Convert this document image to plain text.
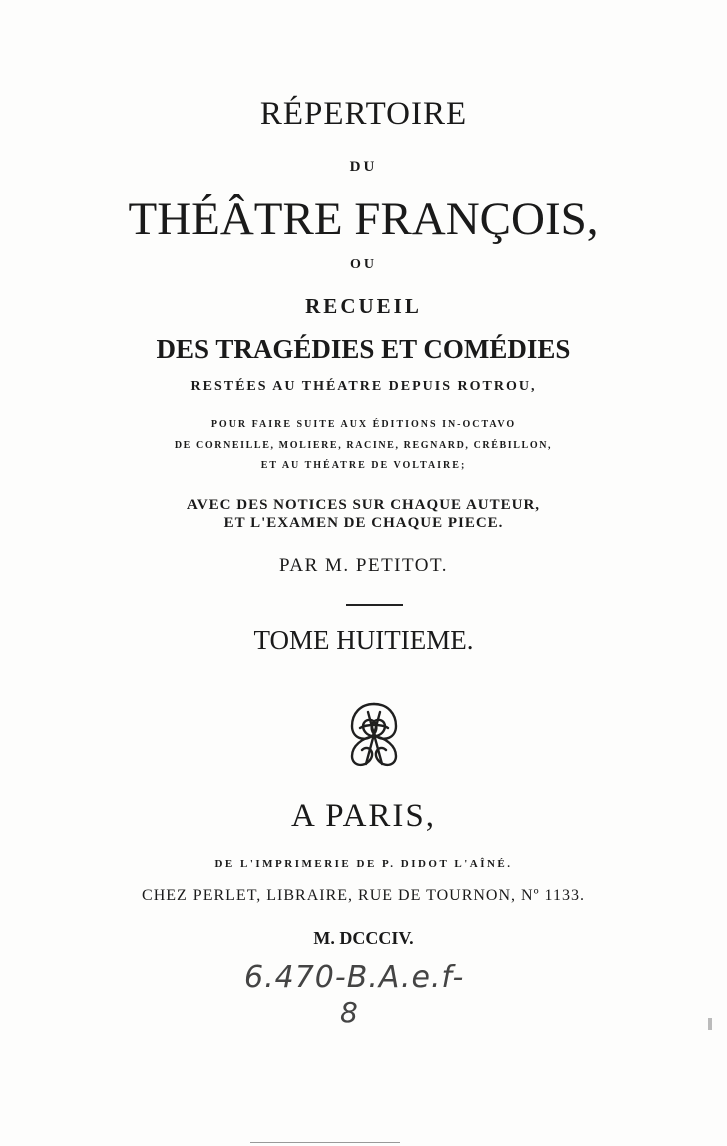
RÉPERTOIRE
DU
THÉÂTRE FRANÇOIS,
OU
RECUEIL
DES TRAGÉDIES ET COMÉDIES
RESTÉES AU THÉATRE DEPUIS ROTROU,
POUR FAIRE SUITE AUX ÉDITIONS IN-OCTAVO
DE CORNEILLE, MOLIERE, RACINE, REGNARD, CRÉBILLON,
ET AU THÉATRE DE VOLTAIRE;
AVEC DES NOTICES SUR CHAQUE AUTEUR,
ET L'EXAMEN DE CHAQUE PIECE.
PAR M. PETITOT.
TOME HUITIEME.
A PARIS,
DE L'IMPRIMERIE DE P. DIDOT L'AÎNÉ.
CHEZ PERLET, LIBRAIRE, RUE DE TOURNON, Nº 1133.
M. DCCCIV.
6.470-B.A.e.f-
8
